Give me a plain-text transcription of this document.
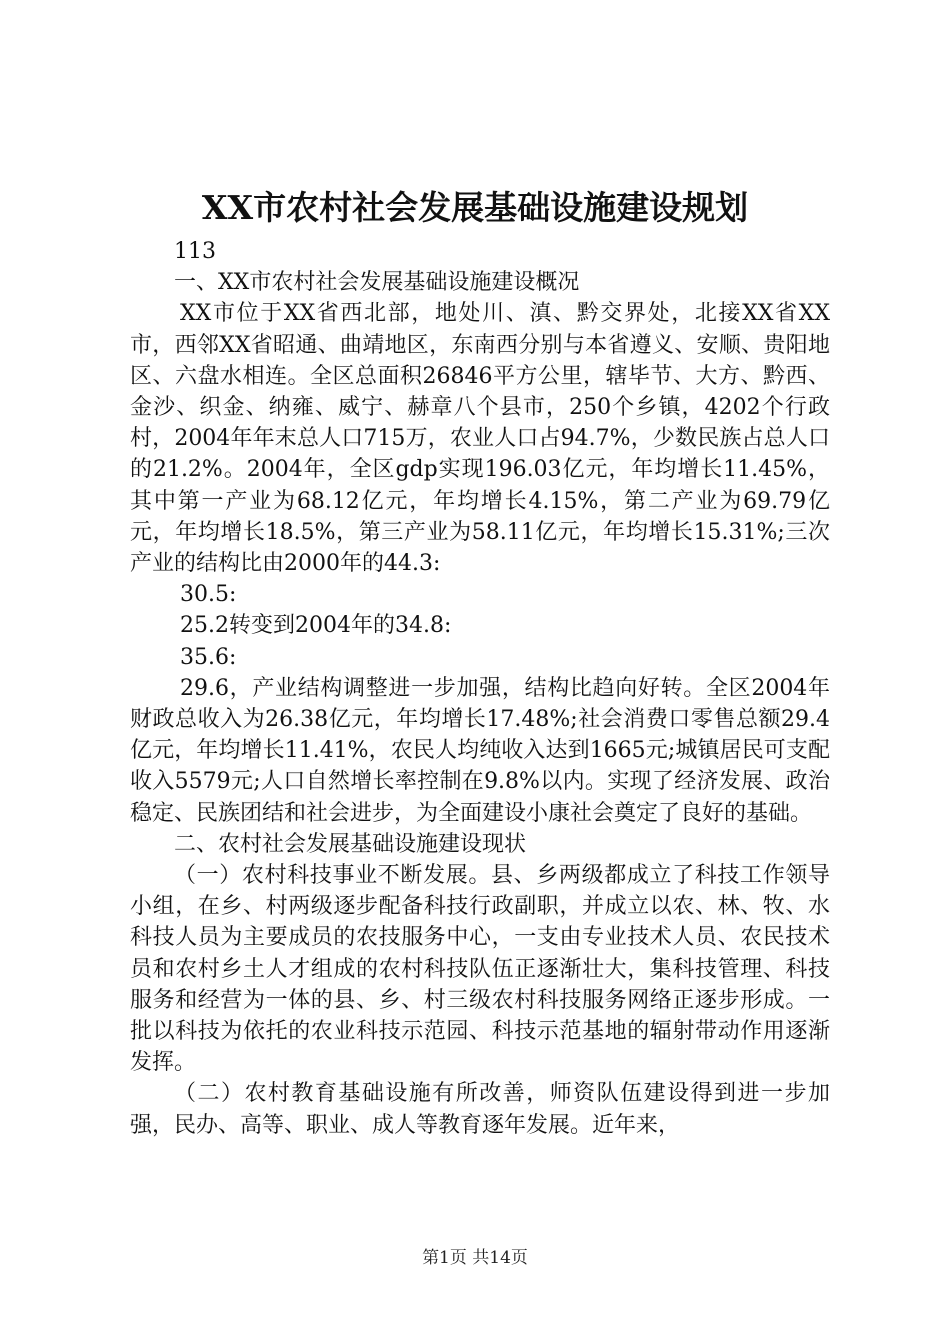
XX市农村社会发展基础设施建设规划

113

一、XX市农村社会发展基础设施建设概况

XX市位于XX省西北部，地处川、滇、黔交界处，北接XX省XX市，西邻XX省昭通、曲靖地区，东南西分别与本省遵义、安顺、贵阳地区、六盘水相连。全区总面积26846平方公里，辖毕节、大方、黔西、金沙、织金、纳雍、威宁、赫章八个县市，250个乡镇，4202个行政村，2004年年末总人口715万，农业人口占94.7%，少数民族占总人口的21.2%。2004年，全区gdp实现196.03亿元，年均增长11.45%，其中第一产业为68.12亿元，年均增长4.15%，第二产业为69.79亿元，年均增长18.5%，第三产业为58.11亿元，年均增长15.31%;三次产业的结构比由2000年的44.3:

30.5:

25.2转变到2004年的34.8:

35.6:

29.6，产业结构调整进一步加强，结构比趋向好转。全区2004年财政总收入为26.38亿元，年均增长17.48%;社会消费口零售总额29.4亿元，年均增长11.41%，农民人均纯收入达到1665元;城镇居民可支配收入5579元;人口自然增长率控制在9.8%以内。实现了经济发展、政治稳定、民族团结和社会进步，为全面建设小康社会奠定了良好的基础。

二、农村社会发展基础设施建设现状

（一）农村科技事业不断发展。县、乡两级都成立了科技工作领导小组，在乡、村两级逐步配备科技行政副职，并成立以农、林、牧、水科技人员为主要成员的农技服务中心，一支由专业技术人员、农民技术员和农村乡土人才组成的农村科技队伍正逐渐壮大，集科技管理、科技服务和经营为一体的县、乡、村三级农村科技服务网络正逐步形成。一批以科技为依托的农业科技示范园、科技示范基地的辐射带动作用逐渐发挥。

（二）农村教育基础设施有所改善，师资队伍建设得到进一步加强，民办、高等、职业、成人等教育逐年发展。近年来，

第1页 共14页
